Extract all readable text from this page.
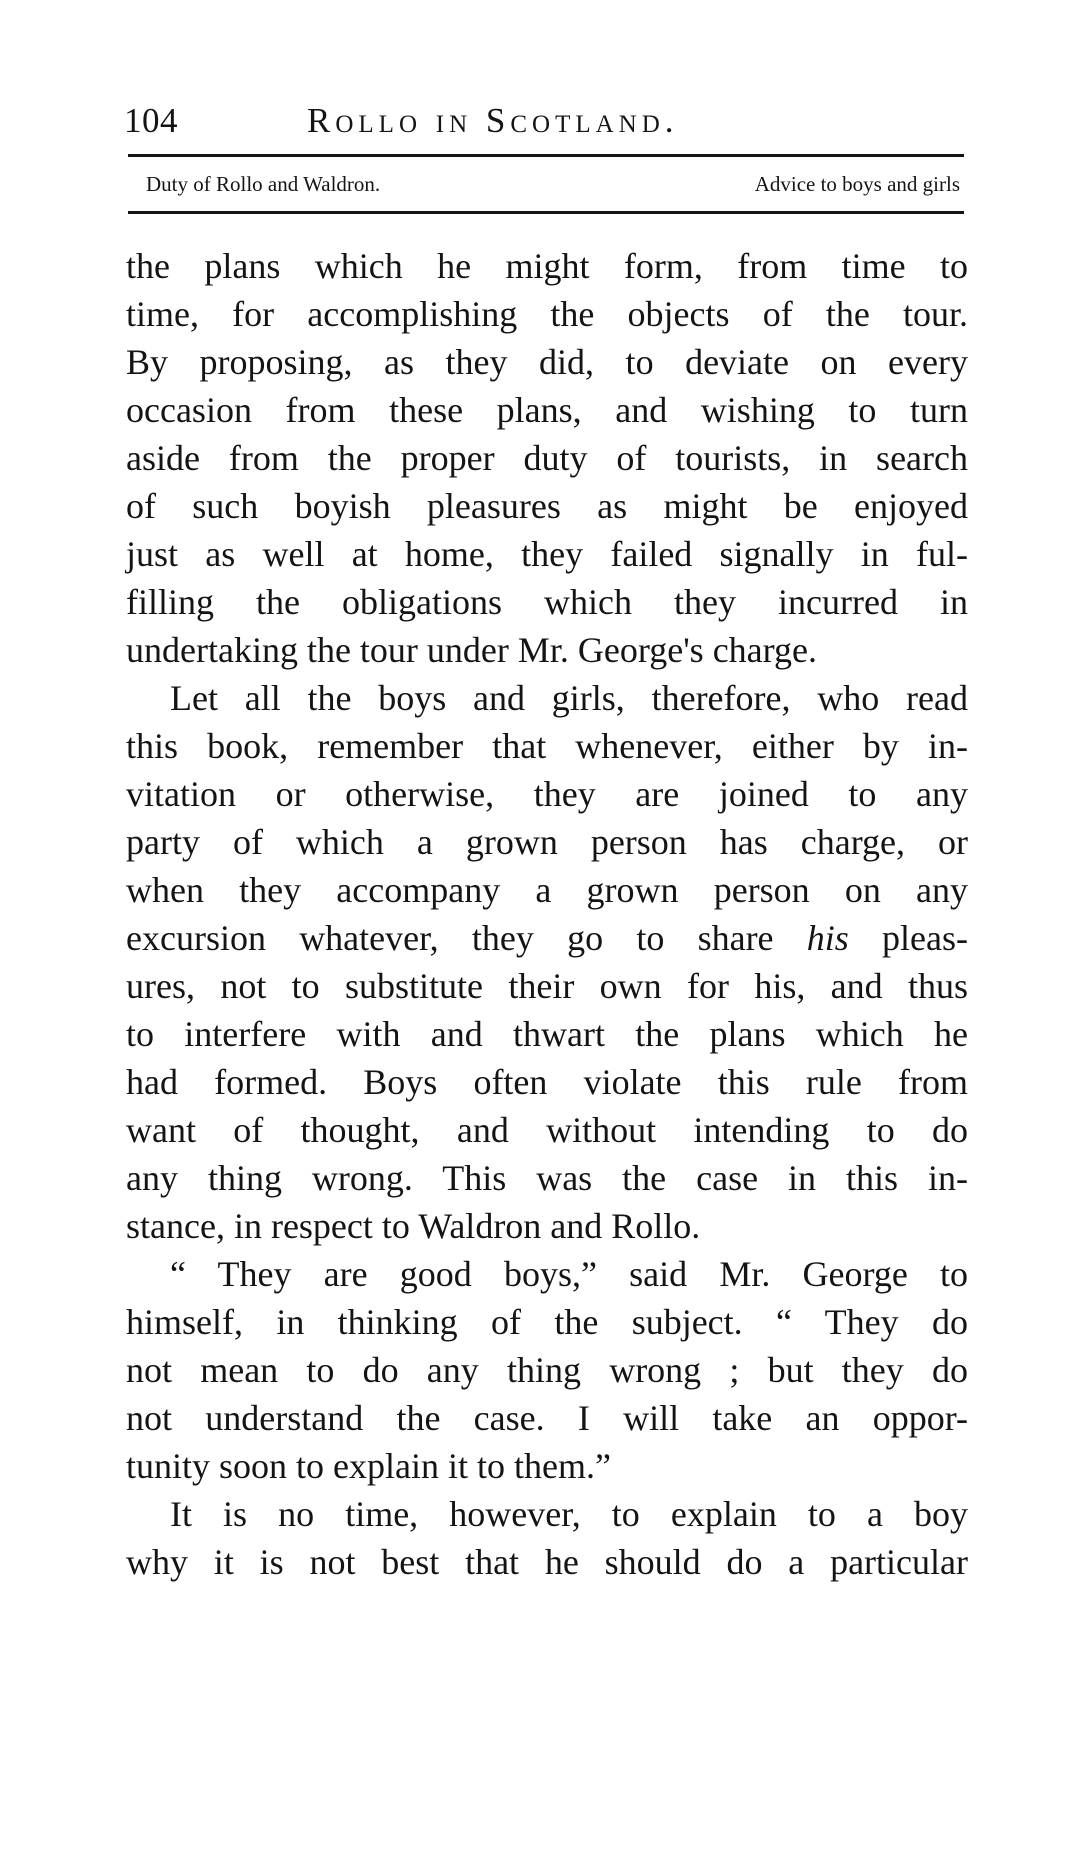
104	Rollo in Scotland.
Duty of Rollo and Waldron.	Advice to boys and girls
the plans which he might form, from time to
time, for accomplishing the objects of the tour.
By proposing, as they did, to deviate on every
occasion from these plans, and wishing to turn
aside from the proper duty of tourists, in search
of such boyish pleasures as might be enjoyed
just as well at home, they failed signally in ful-
filling the obligations which they incurred in
undertaking the tour under Mr. George's charge.
Let all the boys and girls, therefore, who read
this book, remember that whenever, either by in-
vitation or otherwise, they are joined to any
party of which a grown person has charge, or
when they accompany a grown person on any
excursion whatever, they go to share his pleas-
ures, not to substitute their own for his, and thus
to interfere with and thwart the plans which he
had formed. Boys often violate this rule from
want of thought, and without intending to do
any thing wrong. This was the case in this in-
stance, in respect to Waldron and Rollo.
“ They are good boys,” said Mr. George to
himself, in thinking of the subject. “ They do
not mean to do any thing wrong ; but they do
not understand the case. I will take an oppor-
tunity soon to explain it to them.”
It is no time, however, to explain to a boy
why it is not best that he should do a particular
